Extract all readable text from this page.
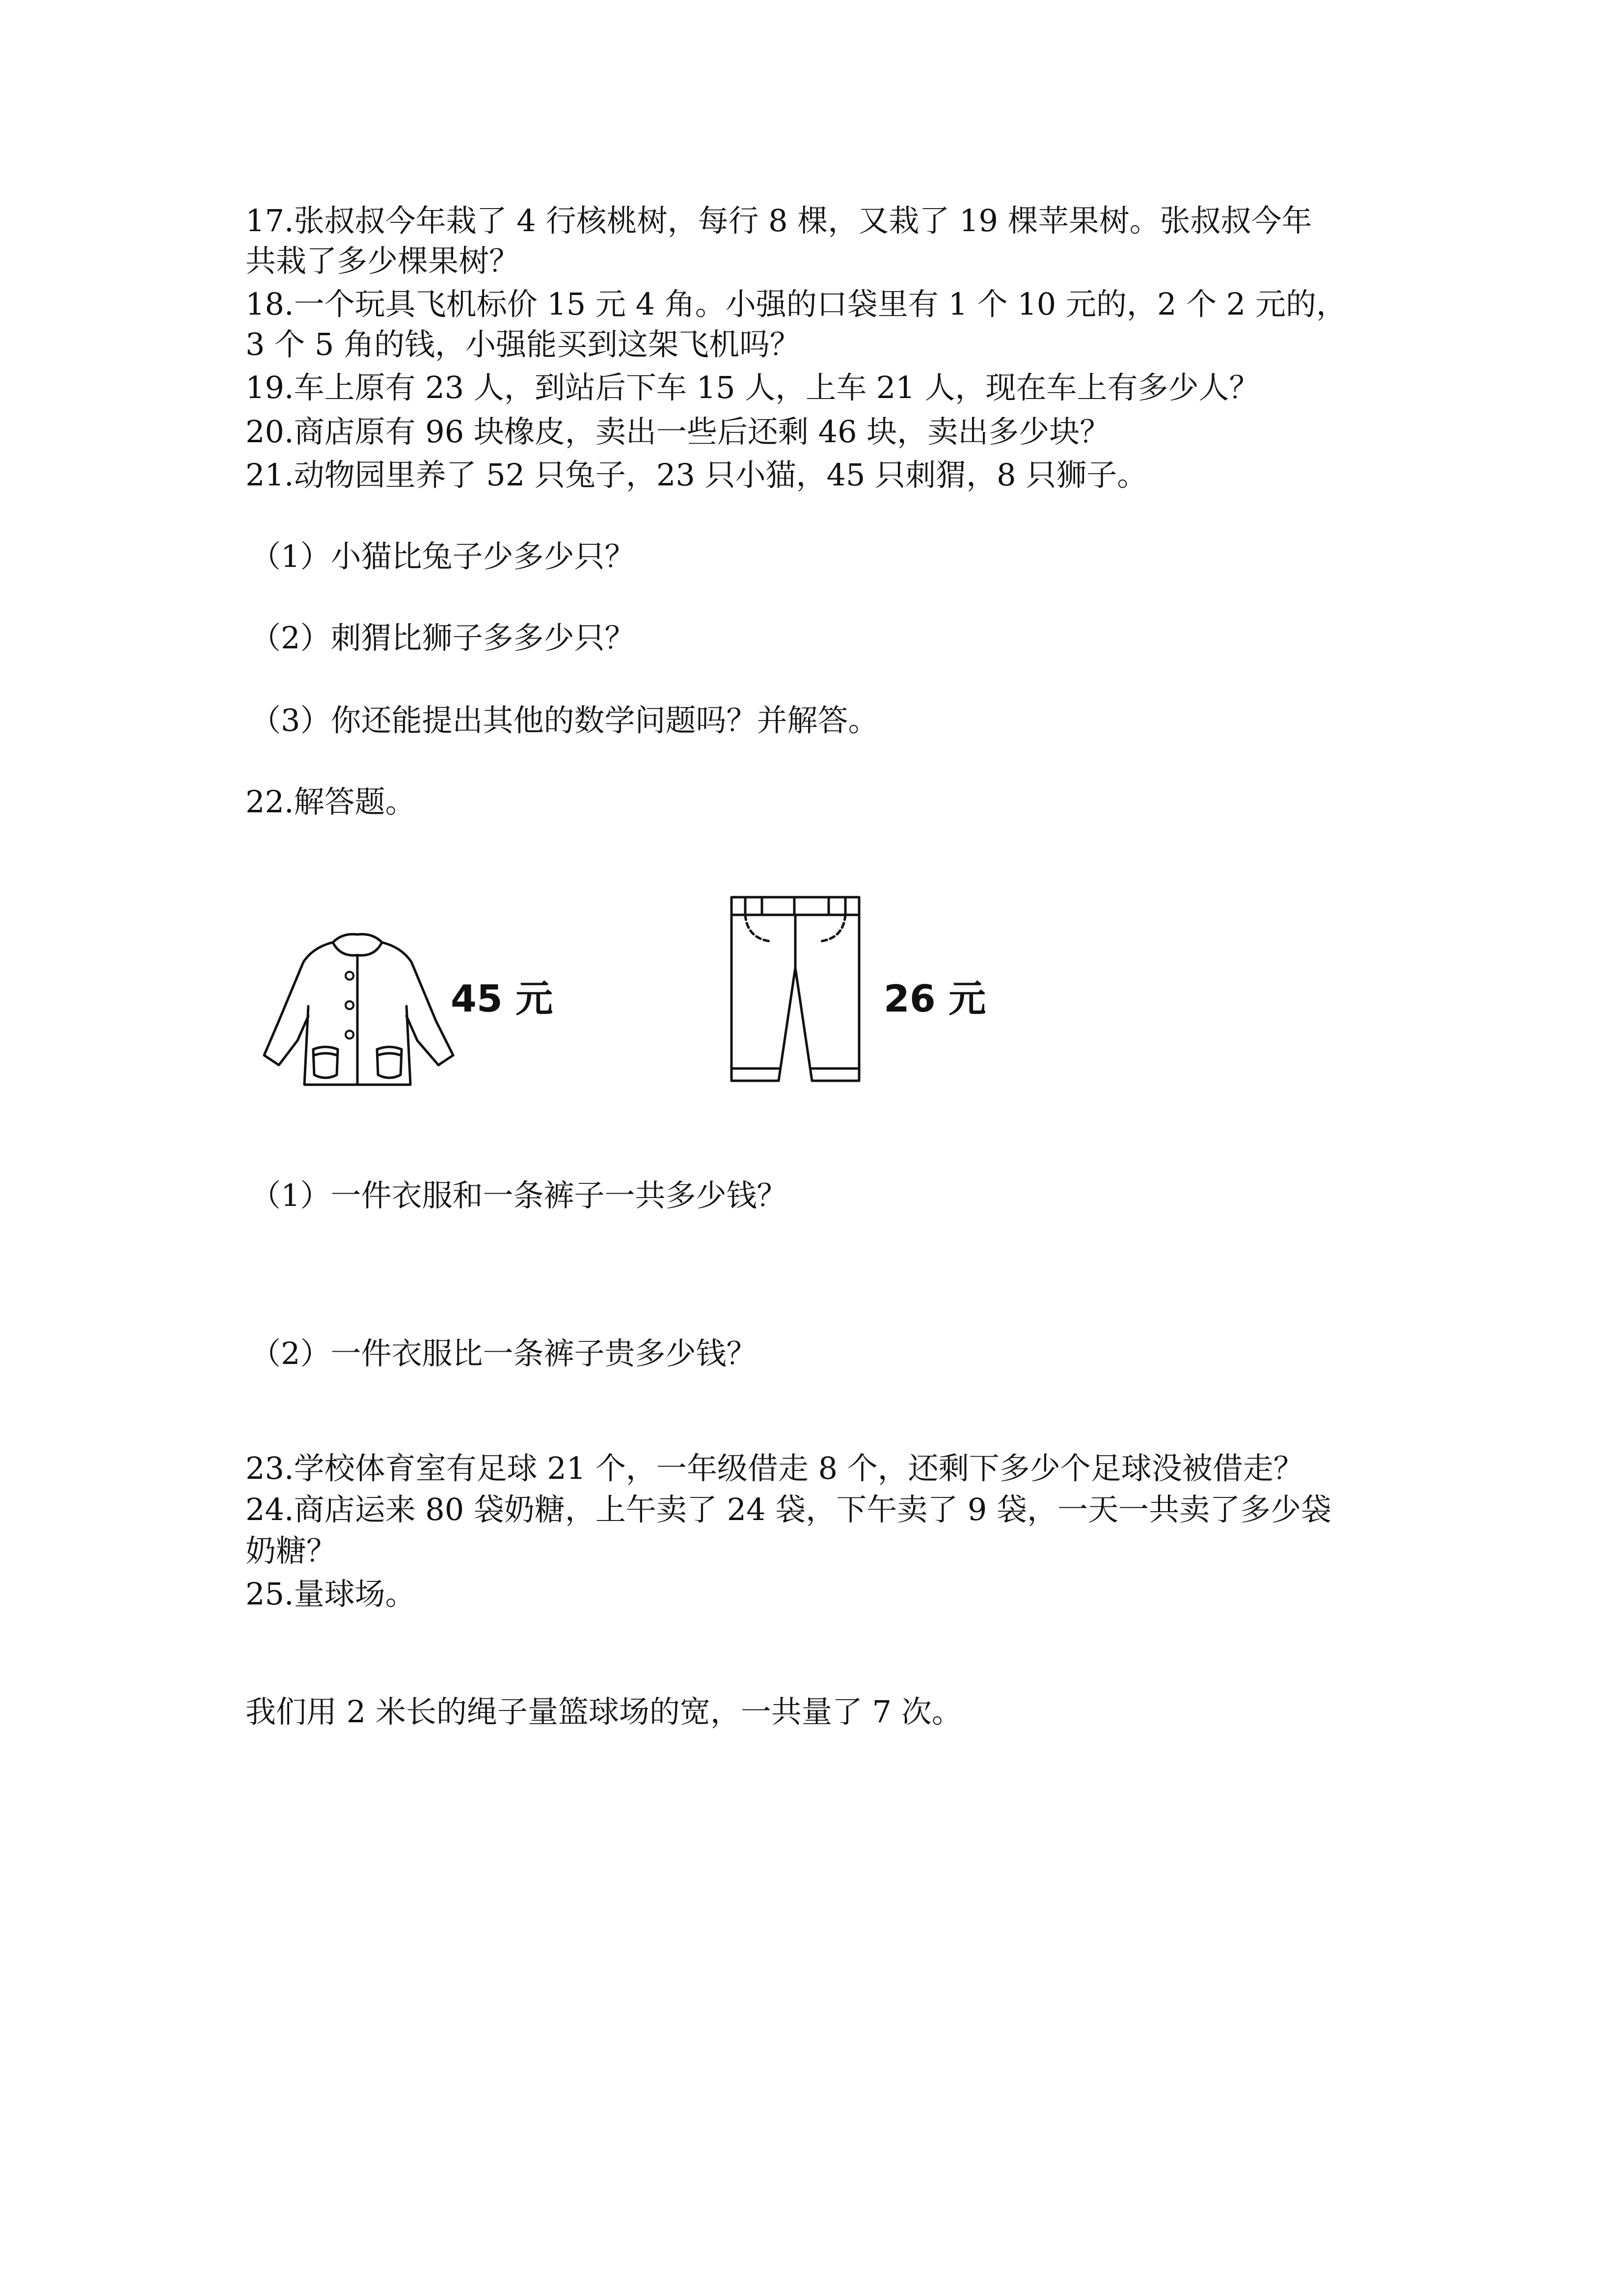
17.张叔叔今年栽了 4 行核桃树，每行 8 棵，又栽了 19 棵苹果树。张叔叔今年
共栽了多少棵果树？
18.一个玩具飞机标价 15 元 4 角。小强的口袋里有 1 个 10 元的，2 个 2 元的，
3 个 5 角的钱，小强能买到这架飞机吗？
19.车上原有 23 人，到站后下车 15 人，上车 21 人，现在车上有多少人？
20.商店原有 96 块橡皮，卖出一些后还剩 46 块，卖出多少块？
21.动物园里养了 52 只兔子，23 只小猫，45 只刺猬，8 只狮子。
（1）小猫比兔子少多少只？
（2）刺猬比狮子多多少只？
（3）你还能提出其他的数学问题吗？并解答。
22.解答题。
45 元	26 元
（1）一件衣服和一条裤子一共多少钱？
（2）一件衣服比一条裤子贵多少钱？
23.学校体育室有足球 21 个，一年级借走 8 个，还剩下多少个足球没被借走？
24.商店运来 80 袋奶糖，上午卖了 24 袋，下午卖了 9 袋，一天一共卖了多少袋
奶糖？
25.量球场。
我们用 2 米长的绳子量篮球场的宽，一共量了 7 次。
